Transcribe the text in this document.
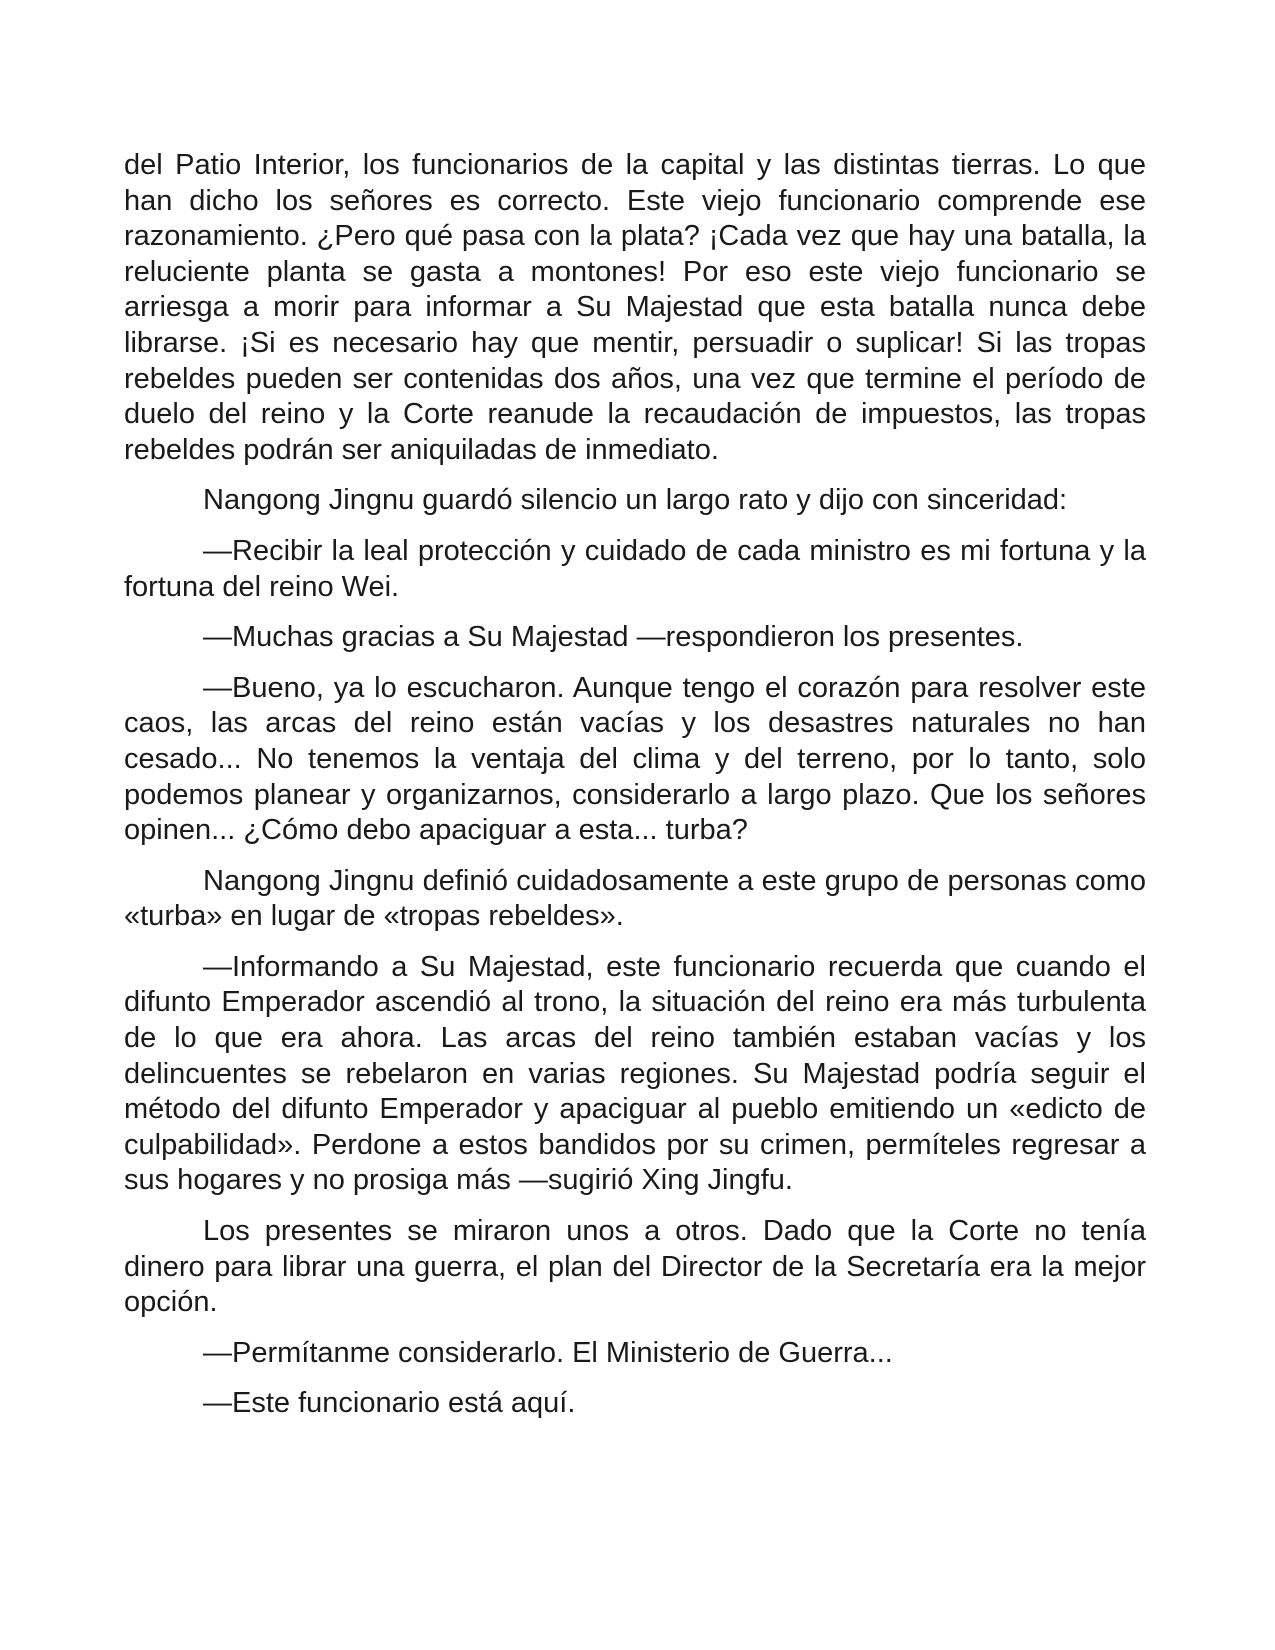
del Patio Interior, los funcionarios de la capital y las distintas tierras. Lo que han dicho los señores es correcto. Este viejo funcionario comprende ese razonamiento. ¿Pero qué pasa con la plata? ¡Cada vez que hay una batalla, la reluciente planta se gasta a montones! Por eso este viejo funcionario se arriesga a morir para informar a Su Majestad que esta batalla nunca debe librarse. ¡Si es necesario hay que mentir, persuadir o suplicar! Si las tropas rebeldes pueden ser contenidas dos años, una vez que termine el período de duelo del reino y la Corte reanude la recaudación de impuestos, las tropas rebeldes podrán ser aniquiladas de inmediato.

Nangong Jingnu guardó silencio un largo rato y dijo con sinceridad:

—Recibir la leal protección y cuidado de cada ministro es mi fortuna y la fortuna del reino Wei.

—Muchas gracias a Su Majestad —respondieron los presentes.

—Bueno, ya lo escucharon. Aunque tengo el corazón para resolver este caos, las arcas del reino están vacías y los desastres naturales no han cesado... No tenemos la ventaja del clima y del terreno, por lo tanto, solo podemos planear y organizarnos, considerarlo a largo plazo. Que los señores opinen... ¿Cómo debo apaciguar a esta... turba?

Nangong Jingnu definió cuidadosamente a este grupo de personas como «turba» en lugar de «tropas rebeldes».

—Informando a Su Majestad, este funcionario recuerda que cuando el difunto Emperador ascendió al trono, la situación del reino era más turbulenta de lo que era ahora. Las arcas del reino también estaban vacías y los delincuentes se rebelaron en varias regiones. Su Majestad podría seguir el método del difunto Emperador y apaciguar al pueblo emitiendo un «edicto de culpabilidad». Perdone a estos bandidos por su crimen, permíteles regresar a sus hogares y no prosiga más —sugirió Xing Jingfu.

Los presentes se miraron unos a otros. Dado que la Corte no tenía dinero para librar una guerra, el plan del Director de la Secretaría era la mejor opción.

—Permítanme considerarlo. El Ministerio de Guerra...

—Este funcionario está aquí.
